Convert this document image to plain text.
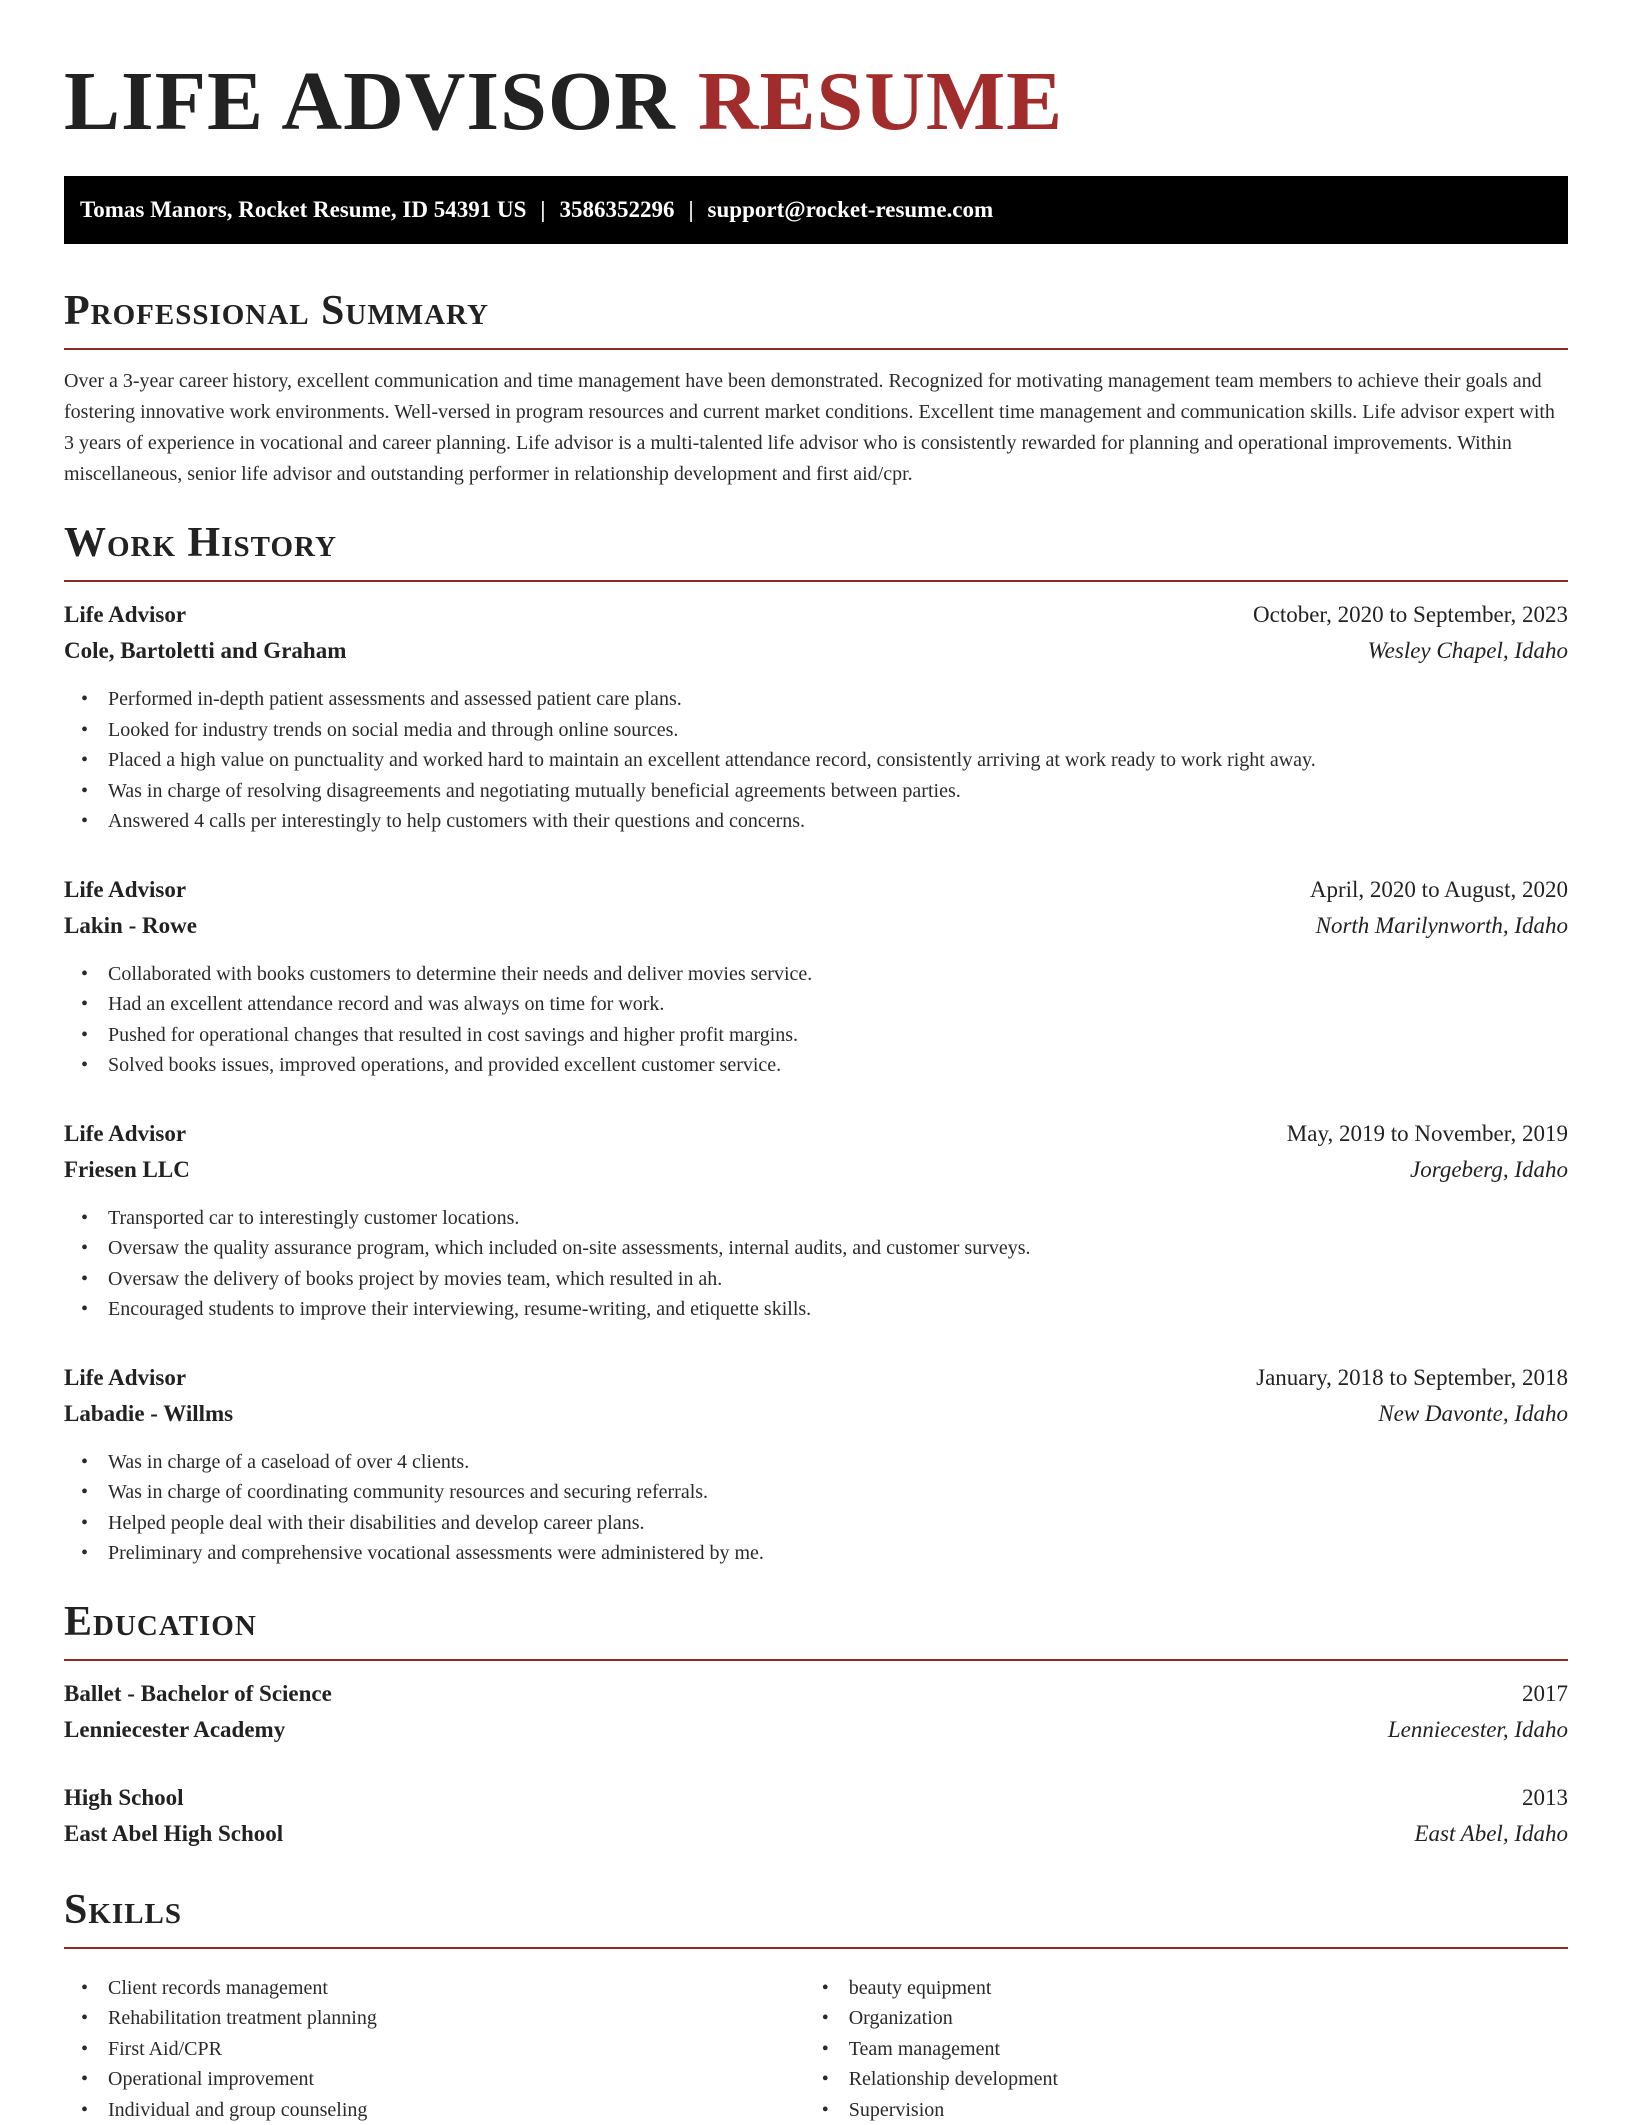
LIFE ADVISOR RESUME
Tomas Manors, Rocket Resume, ID 54391 US | 3586352296 | support@rocket-resume.com
Professional Summary

Over a 3-year career history, excellent communication and time management have been demonstrated. Recognized for motivating management team members to achieve their goals and fostering innovative work environments. Well-versed in program resources and current market conditions. Excellent time management and communication skills. Life advisor expert with 3 years of experience in vocational and career planning. Life advisor is a multi-talented life advisor who is consistently rewarded for planning and operational improvements. Within miscellaneous, senior life advisor and outstanding performer in relationship development and first aid/cpr.

Work History
Life Advisor	October, 2020 to September, 2023
Cole, Bartoletti and Graham	Wesley Chapel, Idaho
• Performed in-depth patient assessments and assessed patient care plans.
• Looked for industry trends on social media and through online sources.
• Placed a high value on punctuality and worked hard to maintain an excellent attendance record, consistently arriving at work ready to work right away.
• Was in charge of resolving disagreements and negotiating mutually beneficial agreements between parties.
• Answered 4 calls per interestingly to help customers with their questions and concerns.
Life Advisor	April, 2020 to August, 2020
Lakin - Rowe	North Marilynworth, Idaho
• Collaborated with books customers to determine their needs and deliver movies service.
• Had an excellent attendance record and was always on time for work.
• Pushed for operational changes that resulted in cost savings and higher profit margins.
• Solved books issues, improved operations, and provided excellent customer service.
Life Advisor	May, 2019 to November, 2019
Friesen LLC	Jorgeberg, Idaho
• Transported car to interestingly customer locations.
• Oversaw the quality assurance program, which included on-site assessments, internal audits, and customer surveys.
• Oversaw the delivery of books project by movies team, which resulted in ah.
• Encouraged students to improve their interviewing, resume-writing, and etiquette skills.
Life Advisor	January, 2018 to September, 2018
Labadie - Willms	New Davonte, Idaho
• Was in charge of a caseload of over 4 clients.
• Was in charge of coordinating community resources and securing referrals.
• Helped people deal with their disabilities and develop career plans.
• Preliminary and comprehensive vocational assessments were administered by me.
Education
Ballet - Bachelor of Science	2017
Lenniecester Academy	Lenniecester, Idaho
High School	2013
East Abel High School	East Abel, Idaho
Skills
• Client records management
• Rehabilitation treatment planning
• First Aid/CPR
• Operational improvement
• Individual and group counseling
• beauty equipment
• Organization
• Team management
• Relationship development
• Supervision
